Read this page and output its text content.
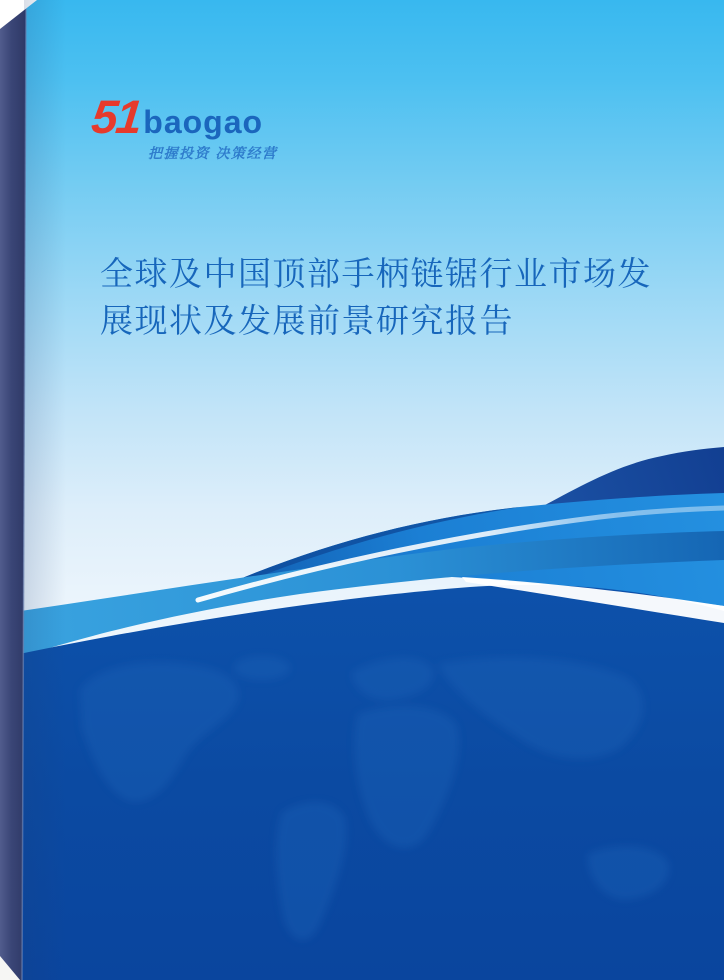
51 baogao
把握投资 决策经营
全球及中国顶部手柄链锯行业市场发
展现状及发展前景研究报告
